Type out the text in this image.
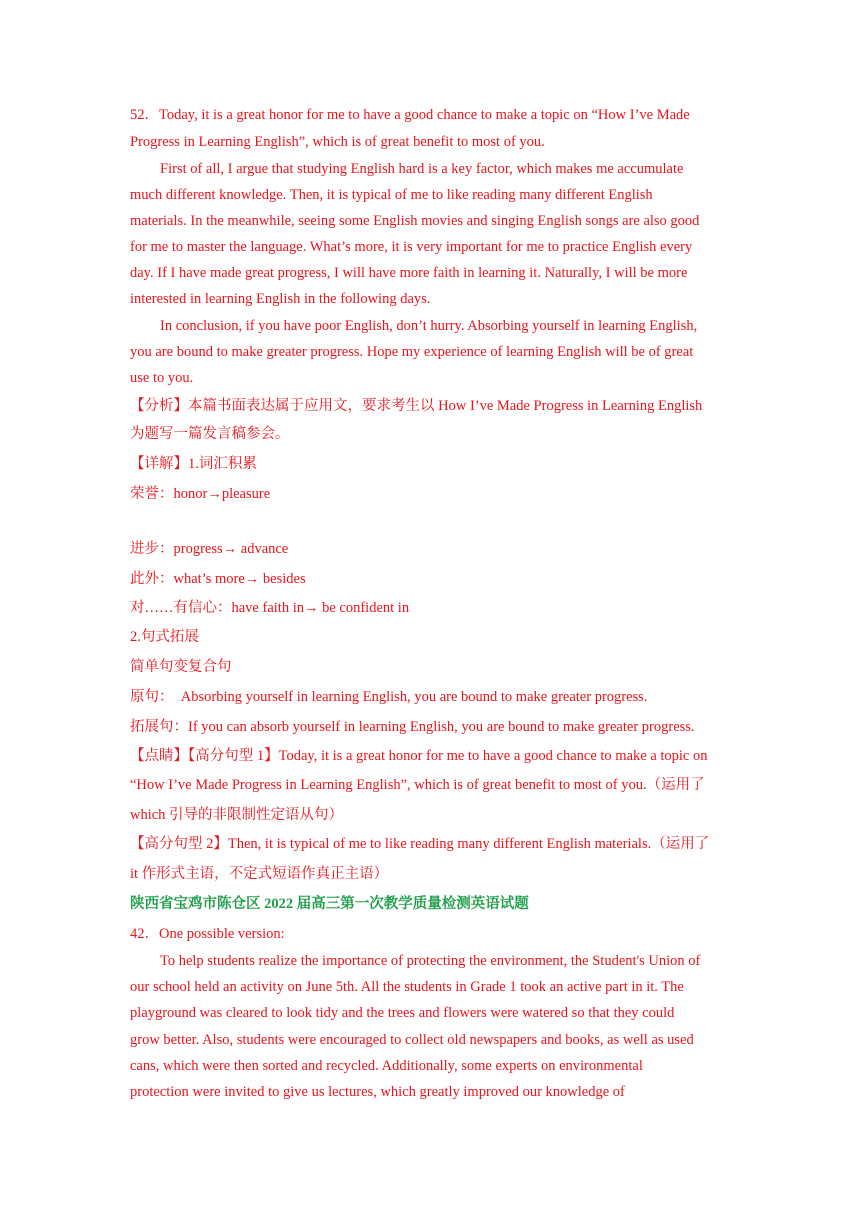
52．Today, it is a great honor for me to have a good chance to make a topic on “How I’ve Made
Progress in Learning English”, which is of great benefit to most of you.
First of all, I argue that studying English hard is a key factor, which makes me accumulate
much different knowledge. Then, it is typical of me to like reading many different English
materials. In the meanwhile, seeing some English movies and singing English songs are also good
for me to master the language. What’s more, it is very important for me to practice English every
day. If I have made great progress, I will have more faith in learning it. Naturally, I will be more
interested in learning English in the following days.
In conclusion, if you have poor English, don’t hurry. Absorbing yourself in learning English,
you are bound to make greater progress. Hope my experience of learning English will be of great
use to you.
【分析】本篇书面表达属于应用文，要求考生以 How I’ve Made Progress in Learning English
为题写一篇发言稿参会。
【详解】1.词汇积累
荣誉：honor→pleasure
进步：progress→ advance
此外：what’s more→ besides
对……有信心：have faith in→ be confident in
2.句式拓展
简单句变复合句
原句：　Absorbing yourself in learning English, you are bound to make greater progress.
拓展句：If you can absorb yourself in learning English, you are bound to make greater progress.
【点睛】【高分句型 1】Today, it is a great honor for me to have a good chance to make a topic on
“How I’ve Made Progress in Learning English”, which is of great benefit to most of you.（运用了
which 引导的非限制性定语从句）
【高分句型 2】Then, it is typical of me to like reading many different English materials.（运用了
it 作形式主语，不定式短语作真正主语）
陕西省宝鸡市陈仓区 2022 届高三第一次教学质量检测英语试题
42．One possible version:
To help students realize the importance of protecting the environment, the Student's Union of
our school held an activity on June 5th. All the students in Grade 1 took an active part in it. The
playground was cleared to look tidy and the trees and flowers were watered so that they could
grow better. Also, students were encouraged to collect old newspapers and books, as well as used
cans, which were then sorted and recycled. Additionally, some experts on environmental
protection were invited to give us lectures, which greatly improved our knowledge of
